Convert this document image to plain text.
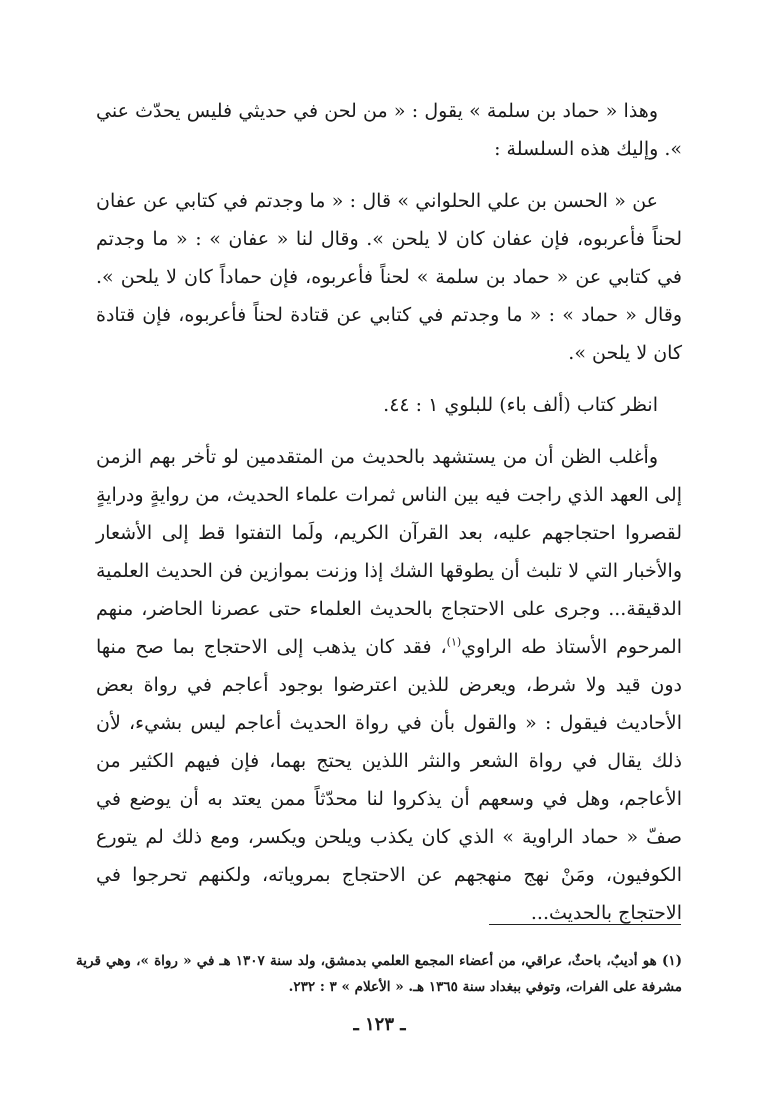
وهذا « حماد بن سلمة » يقول : « من لحن في حديثي فليس يحدّث عني ». وإليك هذه السلسلة :

عن « الحسن بن علي الحلواني » قال : « ما وجدتم في كتابي عن عفان لحناً فأعربوه، فإن عفان كان لا يلحن ». وقال لنا « عفان » : « ما وجدتم في كتابي عن « حماد بن سلمة » لحناً فأعربوه، فإن حماداً كان لا يلحن ». وقال « حماد » : « ما وجدتم في كتابي عن قتادة لحناً فأعربوه، فإن قتادة كان لا يلحن ».

انظر كتاب (ألف باء) للبلوي ١ : ٤٤.

وأغلب الظن أن من يستشهد بالحديث من المتقدمين لو تأخر بهم الزمن إلى العهد الذي راجت فيه بين الناس ثمرات علماء الحديث، من روايةٍ ودرايةٍ لقصروا احتجاجهم عليه، بعد القرآن الكريم، ولَما التفتوا قط إلى الأشعار والأخبار التي لا تلبث أن يطوقها الشك إذا وزنت بموازين فن الحديث العلمية الدقيقة... وجرى على الاحتجاج بالحديث العلماء حتى عصرنا الحاضر، منهم المرحوم الأستاذ طه الراوي$^{(١)}$، فقد كان يذهب إلى الاحتجاج بما صح منها دون قيد ولا شرط، ويعرض للذين اعترضوا بوجود أعاجم في رواة بعض الأحاديث فيقول : « والقول بأن في رواة الحديث أعاجم ليس بشيء، لأن ذلك يقال في رواة الشعر والنثر اللذين يحتج بهما، فإن فيهم الكثير من الأعاجم، وهل في وسعهم أن يذكروا لنا محدّثاً ممن يعتد به أن يوضع في صفّ « حماد الراوية » الذي كان يكذب ويلحن ويكسر، ومع ذلك لم يتورع الكوفيون، ومَنْ نهج منهجهم عن الاحتجاج بمروياته، ولكنهم تحرجوا في الاحتجاج بالحديث...

(١) هو أديبٌ، باحثٌ، عراقي، من أعضاء المجمع العلمي بدمشق، ولد سنة ١٣٠٧ هـ في « رواة »، وهي قرية مشرفة على الفرات، وتوفي ببغداد سنة ١٣٦٥ هـ. « الأعلام » ٣ : ٢٣٢.

ـ ١٢٣ ـ
